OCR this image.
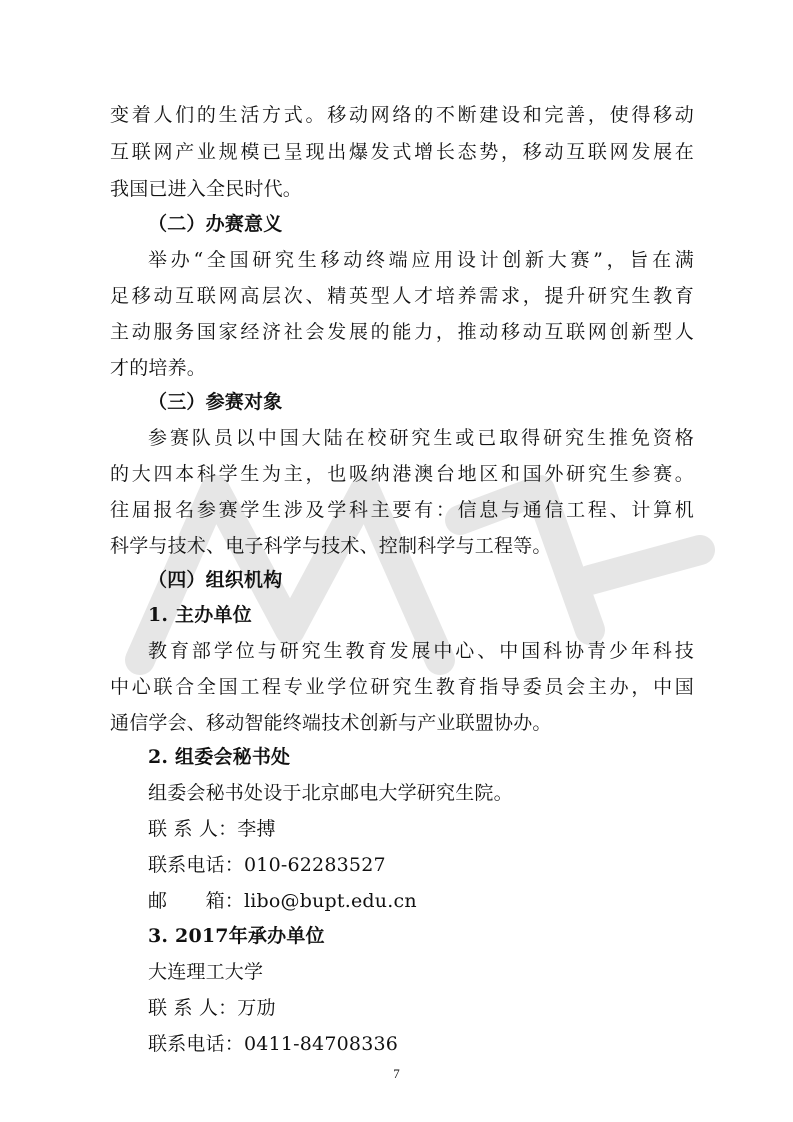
变着人们的生活方式。移动网络的不断建设和完善，使得移动
互联网产业规模已呈现出爆发式增长态势，移动互联网发展在
我国已进入全民时代。
（二）办赛意义
举办“全国研究生移动终端应用设计创新大赛”，旨在满
足移动互联网高层次、精英型人才培养需求，提升研究生教育
主动服务国家经济社会发展的能力，推动移动互联网创新型人
才的培养。
（三）参赛对象
参赛队员以中国大陆在校研究生或已取得研究生推免资格
的大四本科学生为主，也吸纳港澳台地区和国外研究生参赛。
往届报名参赛学生涉及学科主要有：信息与通信工程、计算机
科学与技术、电子科学与技术、控制科学与工程等。
（四）组织机构
1. 主办单位
教育部学位与研究生教育发展中心、中国科协青少年科技
中心联合全国工程专业学位研究生教育指导委员会主办，中国
通信学会、移动智能终端技术创新与产业联盟协办。
2. 组委会秘书处
组委会秘书处设于北京邮电大学研究生院。
联 系 人：李搏
联系电话：010-62283527
邮　　箱：libo@bupt.edu.cn
3. 2017年承办单位
大连理工大学
联 系 人：万劢
联系电话：0411-84708336
7
